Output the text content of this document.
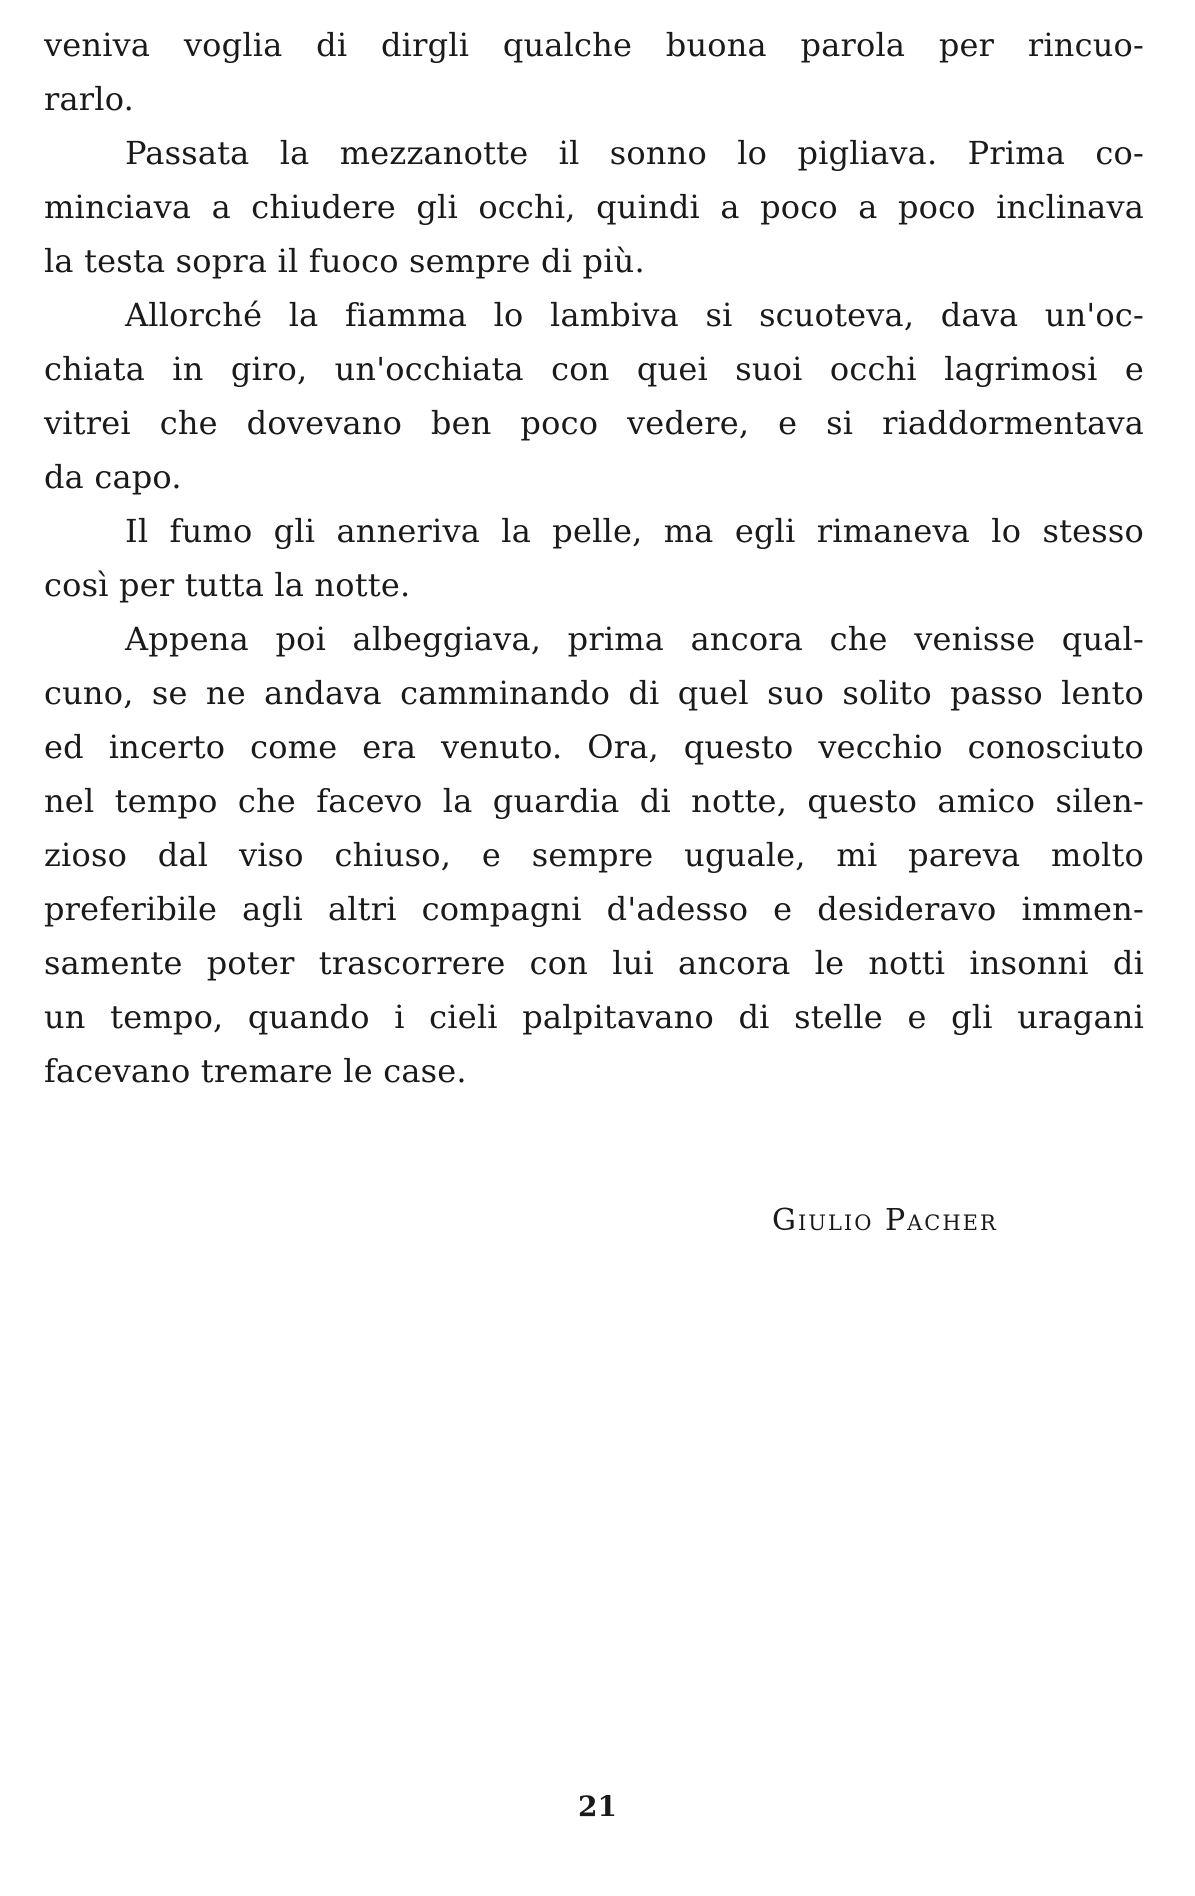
veniva voglia di dirgli qualche buona parola per rincuo-
rarlo.
Passata la mezzanotte il sonno lo pigliava. Prima co-
minciava a chiudere gli occhi, quindi a poco a poco inclinava
la testa sopra il fuoco sempre di più.
Allorché la fiamma lo lambiva si scuoteva, dava un'oc-
chiata in giro, un'occhiata con quei suoi occhi lagrimosi e
vitrei che dovevano ben poco vedere, e si riaddormentava
da capo.
Il fumo gli anneriva la pelle, ma egli rimaneva lo stesso
così per tutta la notte.
Appena poi albeggiava, prima ancora che venisse qual-
cuno, se ne andava camminando di quel suo solito passo lento
ed incerto come era venuto. Ora, questo vecchio conosciuto
nel tempo che facevo la guardia di notte, questo amico silen-
zioso dal viso chiuso, e sempre uguale, mi pareva molto
preferibile agli altri compagni d'adesso e desideravo immen-
samente poter trascorrere con lui ancora le notti insonni di
un tempo, quando i cieli palpitavano di stelle e gli uragani
facevano tremare le case.
Giulio Pacher
21
